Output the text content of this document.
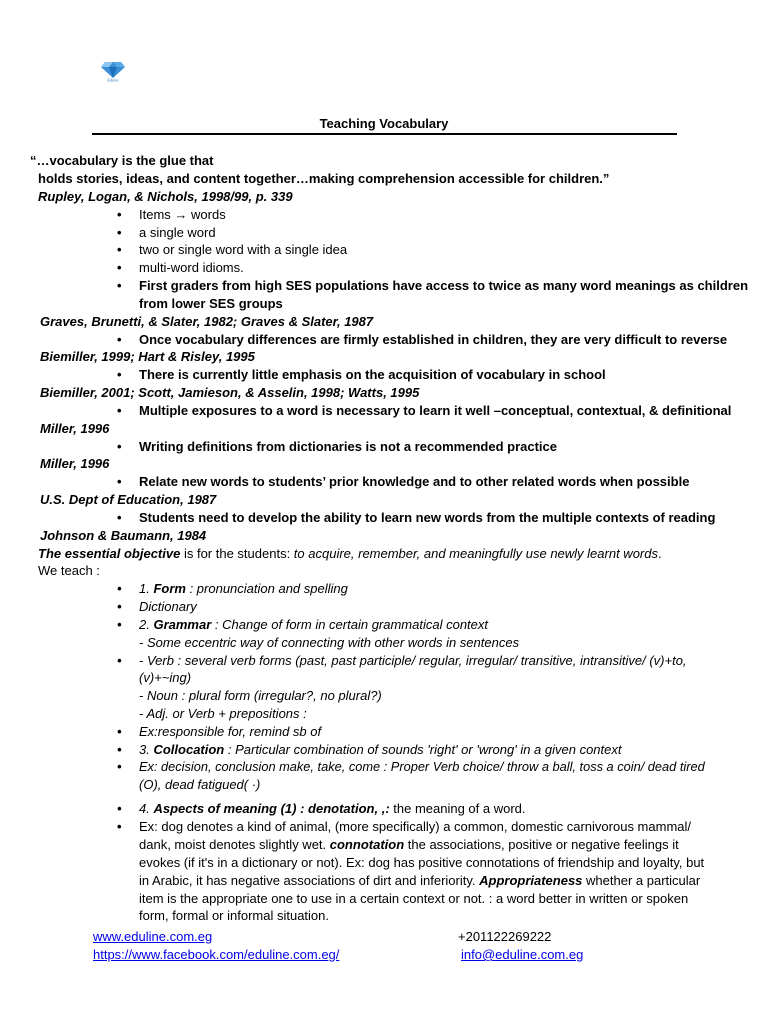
Eduline
Teaching Vocabulary
“…vocabulary is the glue that
holds stories, ideas, and content together…making comprehension accessible for children.”
Rupley, Logan, & Nichols, 1998/99, p. 339
• Items → words
• a single word
• two or single word with a single idea
• multi-word idioms.
• First graders from high SES populations have access to twice as many word meanings as children
from lower SES groups
Graves, Brunetti, & Slater, 1982; Graves & Slater, 1987
• Once vocabulary differences are firmly established in children, they are very difficult to reverse
Biemiller, 1999; Hart & Risley, 1995
• There is currently little emphasis on the acquisition of vocabulary in school
Biemiller, 2001; Scott, Jamieson, & Asselin, 1998; Watts, 1995
• Multiple exposures to a word is necessary to learn it well –conceptual, contextual, & definitional
Miller, 1996
• Writing definitions from dictionaries is not a recommended practice
Miller, 1996
• Relate new words to students’ prior knowledge and to other related words when possible
U.S. Dept of Education, 1987
• Students need to develop the ability to learn new words from the multiple contexts of reading
Johnson & Baumann, 1984
The essential objective is for the students: to acquire, remember, and meaningfully use newly learnt words.
We teach :
• 1. Form : pronunciation and spelling
• Dictionary
• 2. Grammar : Change of form in certain grammatical context
- Some eccentric way of connecting with other words in sentences
• - Verb : several verb forms (past, past participle/ regular, irregular/ transitive, intransitive/ (v)+to,
(v)+~ing)
- Noun : plural form (irregular?, no plural?)
- Adj. or Verb + prepositions :
• Ex:responsible for, remind sb of
• 3. Collocation : Particular combination of sounds 'right' or 'wrong' in a given context
• Ex: decision, conclusion make, take, come : Proper Verb choice/ throw a ball, toss a coin/ dead tired
(O), dead fatigued( ·)
• 4. Aspects of meaning (1) : denotation, ,: the meaning of a word.
• Ex: dog denotes a kind of animal, (more specifically) a common, domestic carnivorous mammal/
dank, moist denotes slightly wet. connotation the associations, positive or negative feelings it
evokes (if it's in a dictionary or not). Ex: dog has positive connotations of friendship and loyalty, but
in Arabic, it has negative associations of dirt and inferiority. Appropriateness whether a particular
item is the appropriate one to use in a certain context or not. : a word better in written or spoken
form, formal or informal situation.
www.eduline.com.eg
https://www.facebook.com/eduline.com.eg/
+201122269222
info@eduline.com.eg
